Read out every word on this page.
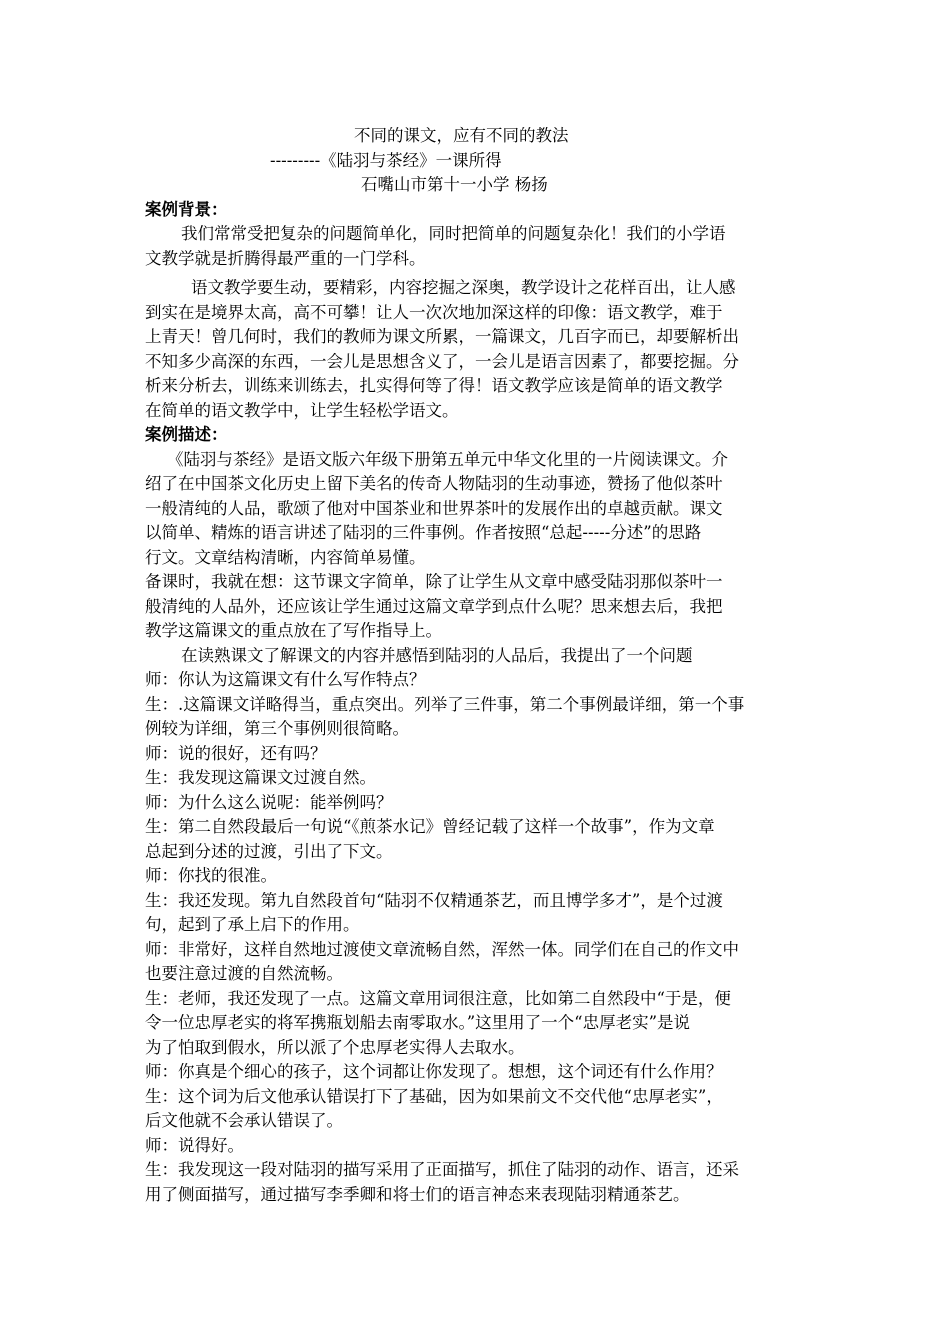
不同的课文，应有不同的教法
---------《陆羽与茶经》一课所得
石嘴山市第十一小学 杨扬
案例背景：
我们常常受把复杂的问题简单化，同时把简单的问题复杂化！我们的小学语
文教学就是折腾得最严重的一门学科。
语文教学要生动，要精彩，内容挖掘之深奥，教学设计之花样百出，让人感
到实在是境界太高，高不可攀！让人一次次地加深这样的印像：语文教学，难于
上青天！曾几何时，我们的教师为课文所累，一篇课文，几百字而已，却要解析出
不知多少高深的东西，一会儿是思想含义了，一会儿是语言因素了，都要挖掘。分
析来分析去，训练来训练去，扎实得何等了得！语文教学应该是简单的语文教学
在简单的语文教学中，让学生轻松学语文。
案例描述：
《陆羽与茶经》是语文版六年级下册第五单元中华文化里的一片阅读课文。介
绍了在中国茶文化历史上留下美名的传奇人物陆羽的生动事迹，赞扬了他似茶叶
一般清纯的人品，歌颂了他对中国茶业和世界茶叶的发展作出的卓越贡献。课文
以简单、精炼的语言讲述了陆羽的三件事例。作者按照“总起-----分述”的思路
行文。文章结构清晰，内容简单易懂。
备课时，我就在想：这节课文字简单，除了让学生从文章中感受陆羽那似茶叶一
般清纯的人品外，还应该让学生通过这篇文章学到点什么呢？思来想去后，我把
教学这篇课文的重点放在了写作指导上。
在读熟课文了解课文的内容并感悟到陆羽的人品后，我提出了一个问题
师：你认为这篇课文有什么写作特点？
生：.这篇课文详略得当，重点突出。列举了三件事，第二个事例最详细，第一个事
例较为详细，第三个事例则很简略。
师：说的很好，还有吗？
生：我发现这篇课文过渡自然。
师：为什么这么说呢：能举例吗？
生：第二自然段最后一句说“《煎茶水记》曾经记载了这样一个故事”，作为文章
总起到分述的过渡，引出了下文。
师：你找的很准。
生：我还发现。第九自然段首句“陆羽不仅精通茶艺，而且博学多才”，是个过渡
句，起到了承上启下的作用。
师：非常好，这样自然地过渡使文章流畅自然，浑然一体。同学们在自己的作文中
也要注意过渡的自然流畅。
生：老师，我还发现了一点。这篇文章用词很注意，比如第二自然段中“于是，便
令一位忠厚老实的将军携瓶划船去南零取水。”这里用了一个“忠厚老实”是说
为了怕取到假水，所以派了个忠厚老实得人去取水。
师：你真是个细心的孩子，这个词都让你发现了。想想，这个词还有什么作用？
生：这个词为后文他承认错误打下了基础，因为如果前文不交代他“忠厚老实”，
后文他就不会承认错误了。
师：说得好。
生：我发现这一段对陆羽的描写采用了正面描写，抓住了陆羽的动作、语言，还采
用了侧面描写，通过描写李季卿和将士们的语言神态来表现陆羽精通茶艺。
